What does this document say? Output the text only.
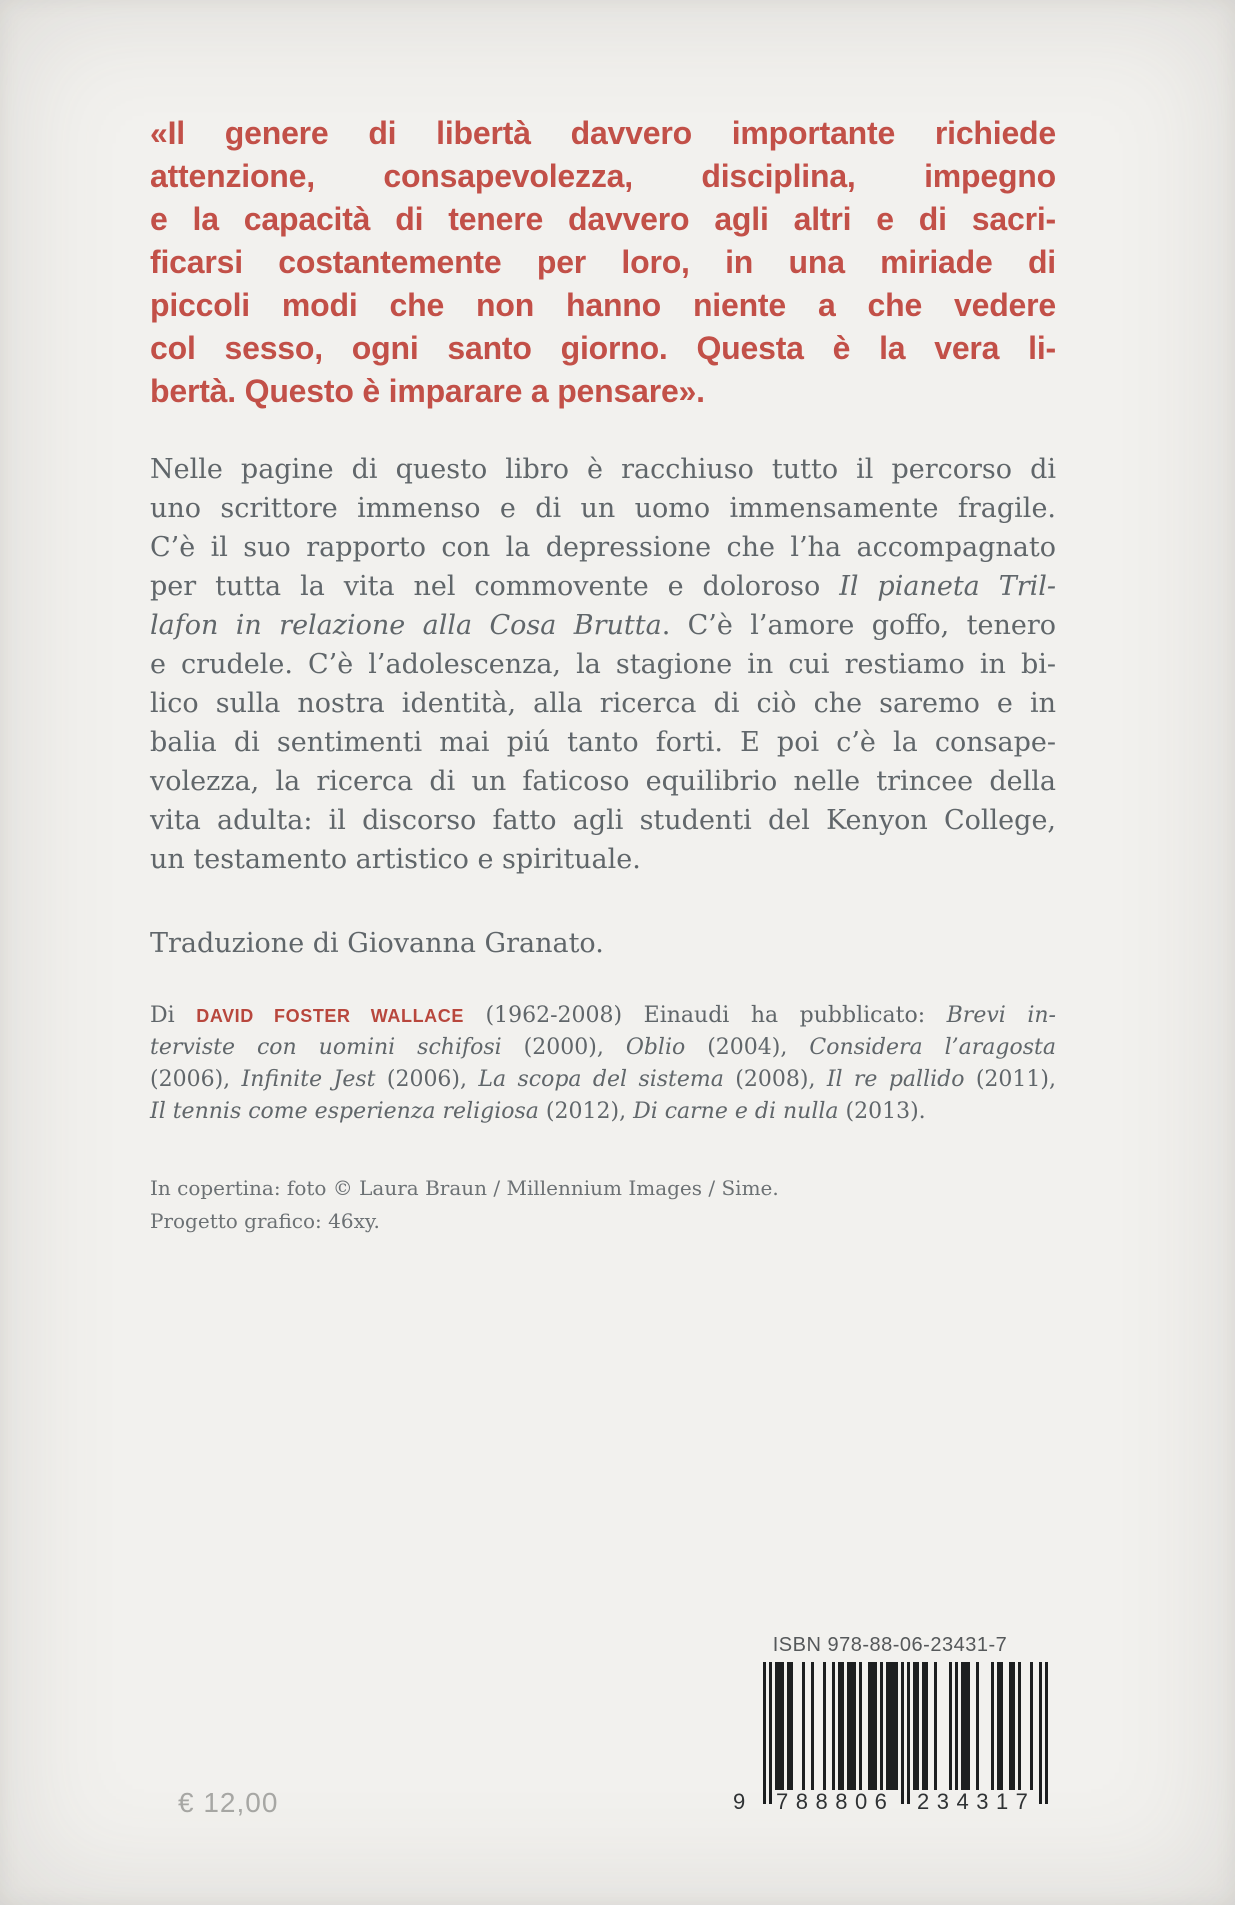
«Il genere di libertà davvero importante richiede
attenzione, consapevolezza, disciplina, impegno
e la capacità di tenere davvero agli altri e di sacri-
ficarsi costantemente per loro, in una miriade di
piccoli modi che non hanno niente a che vedere
col sesso, ogni santo giorno. Questa è la vera li-
bertà. Questo è imparare a pensare».
Nelle pagine di questo libro è racchiuso tutto il percorso di
uno scrittore immenso e di un uomo immensamente fragile.
C’è il suo rapporto con la depressione che l’ha accompagnato
per tutta la vita nel commovente e doloroso Il pianeta Tril-
lafon in relazione alla Cosa Brutta. C’è l’amore goffo, tenero
e crudele. C’è l’adolescenza, la stagione in cui restiamo in bi-
lico sulla nostra identità, alla ricerca di ciò che saremo e in
balia di sentimenti mai piú tanto forti. E poi c’è la consape-
volezza, la ricerca di un faticoso equilibrio nelle trincee della
vita adulta: il discorso fatto agli studenti del Kenyon College,
un testamento artistico e spirituale.
Traduzione di Giovanna Granato.
Di DAVID FOSTER WALLACE (1962-2008) Einaudi ha pubblicato: Brevi in-
terviste con uomini schifosi (2000), Oblio (2004), Considera l’aragosta
(2006), Infinite Jest (2006), La scopa del sistema (2008), Il re pallido (2011),
Il tennis come esperienza religiosa (2012), Di carne e di nulla (2013).
In copertina: foto © Laura Braun / Millennium Images / Sime.
Progetto grafico: 46xy.
ISBN 978-88-06-23431-7
9 788806 234317
€ 12,00
